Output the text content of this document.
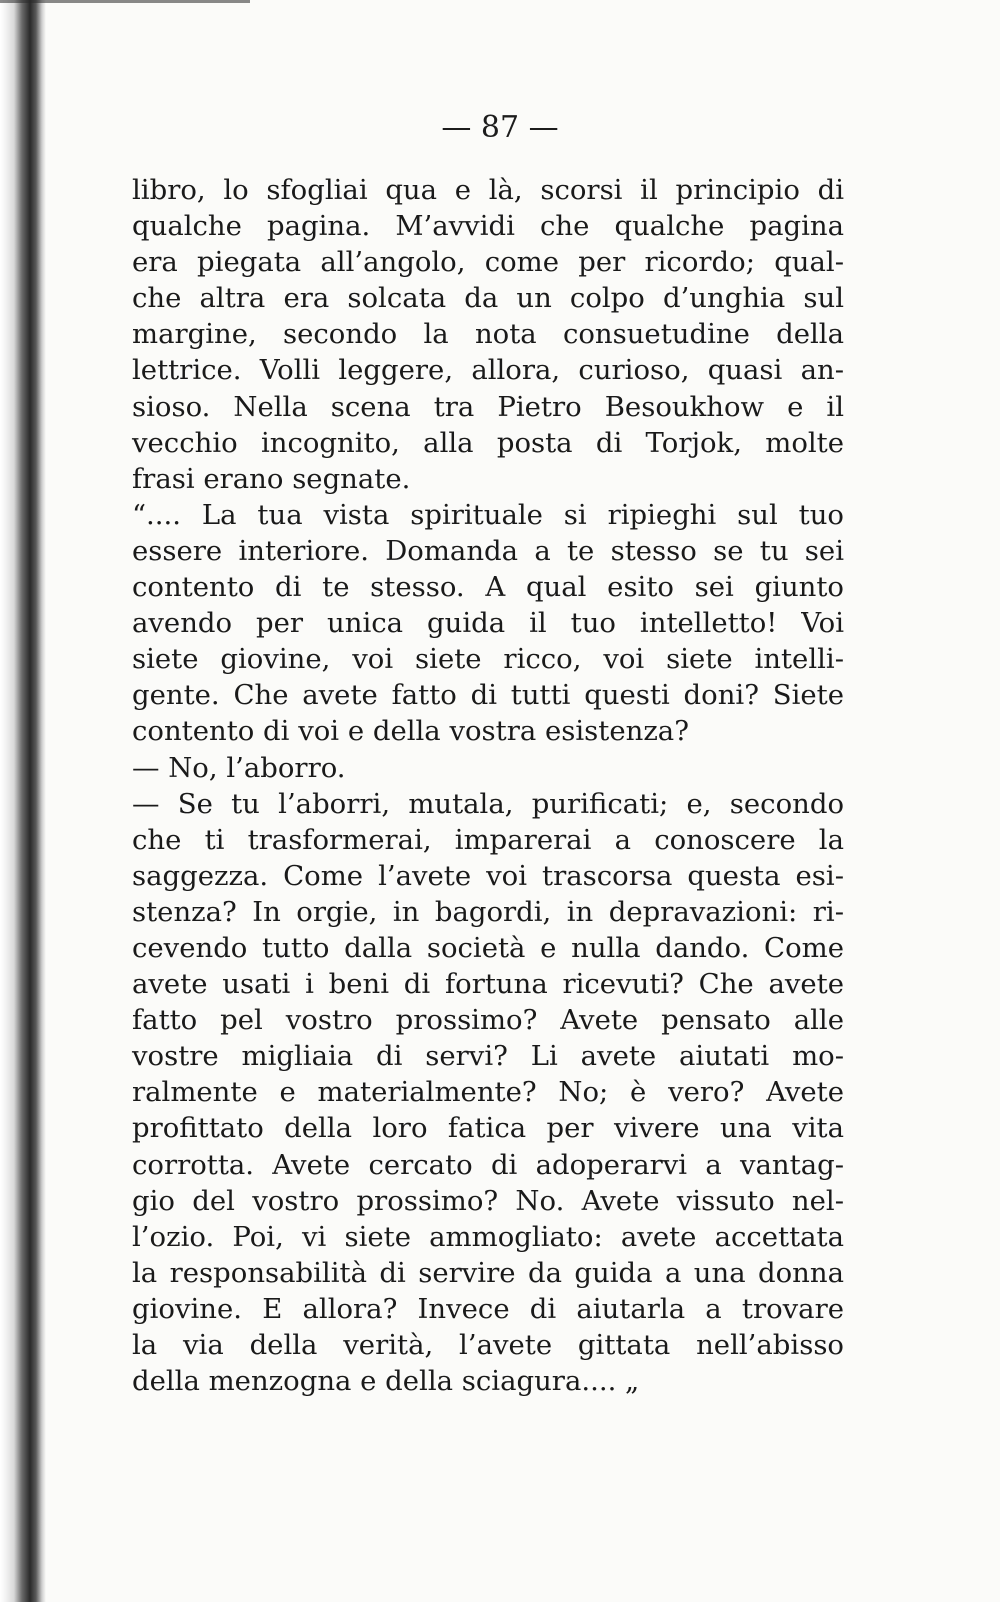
— 87 —
libro, lo sfogliai qua e là, scorsi il principio di
qualche pagina. M’avvidi che qualche pagina
era piegata all’angolo, come per ricordo; qual-
che altra era solcata da un colpo d’unghia sul
margine, secondo la nota consuetudine della
lettrice. Volli leggere, allora, curioso, quasi an-
sioso. Nella scena tra Pietro Besoukhow e il
vecchio incognito, alla posta di Torjok, molte
frasi erano segnate.
“.... La tua vista spirituale si ripieghi sul tuo
essere interiore. Domanda a te stesso se tu sei
contento di te stesso. A qual esito sei giunto
avendo per unica guida il tuo intelletto! Voi
siete giovine, voi siete ricco, voi siete intelli-
gente. Che avete fatto di tutti questi doni? Siete
contento di voi e della vostra esistenza?
— No, l’aborro.
— Se tu l’aborri, mutala, purificati; e, secondo
che ti trasformerai, imparerai a conoscere la
saggezza. Come l’avete voi trascorsa questa esi-
stenza? In orgie, in bagordi, in depravazioni: ri-
cevendo tutto dalla società e nulla dando. Come
avete usati i beni di fortuna ricevuti? Che avete
fatto pel vostro prossimo? Avete pensato alle
vostre migliaia di servi? Li avete aiutati mo-
ralmente e materialmente? No; è vero? Avete
profittato della loro fatica per vivere una vita
corrotta. Avete cercato di adoperarvi a vantag-
gio del vostro prossimo? No. Avete vissuto nel-
l’ozio. Poi, vi siete ammogliato: avete accettata
la responsabilità di servire da guida a una donna
giovine. E allora? Invece di aiutarla a trovare
la via della verità, l’avete gittata nell’abisso
della menzogna e della sciagura.... „
